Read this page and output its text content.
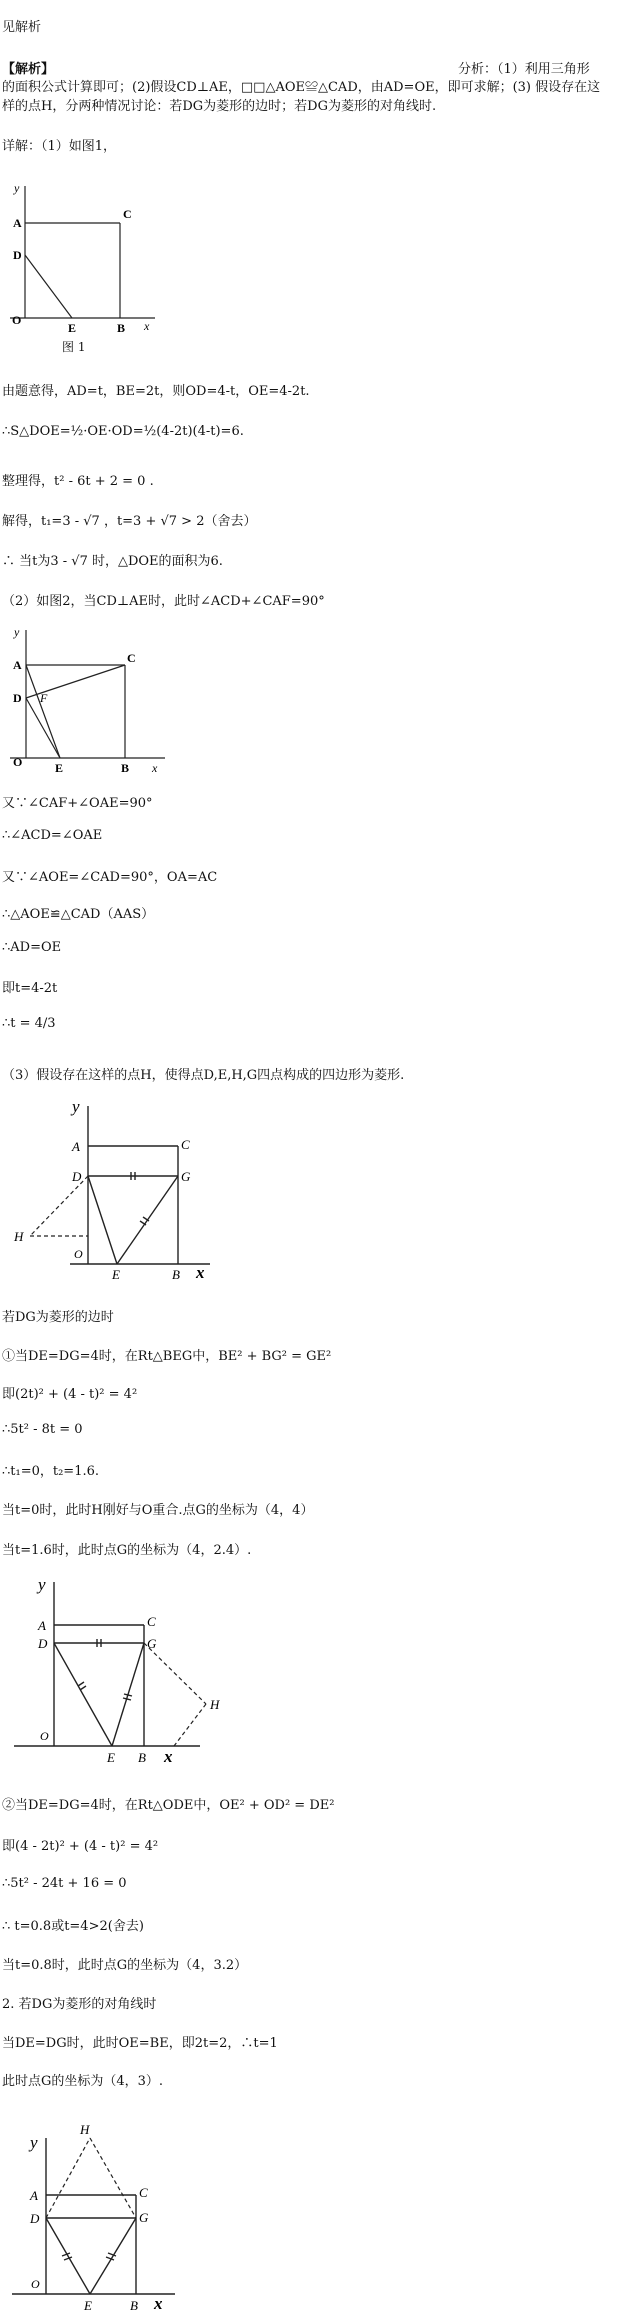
见解析
【解析】	分析：（1）利用三角形
的面积公式计算即可；(2)假设CD⊥AE，□□△AOE≌△CAD，由AD=OE，即可求解；(3) 假设存在这
样的点H，分两种情况讨论：若DG为菱形的边时；若DG为菱形的对角线时.
详解：（1）如图1，
y
A
C
D
O
E	B x
图 1
由题意得，AD=t，BE=2t，则OD=4-t，OE=4-2t.
∴S△DOE=½·OE·OD=½(4-2t)(4-t)=6.
整理得，t² - 6t + 2 = 0 .
解得，t₁=3 - √7 ，t=3 + √7 > 2（舍去）
∴ 当t为3 - √7 时，△DOE的面积为6.
（2）如图2，当CD⊥AE时，此时∠ACD+∠CAF=90°
y
A	C
D F
O	E	B x
又∵∠CAF+∠OAE=90°
∴∠ACD=∠OAE
又∵∠AOE=∠CAD=90°，OA=AC
∴△AOE≌△CAD（AAS）
∴AD=OE
即t=4-2t
∴t = 4/3
（3）假设存在这样的点H，使得点D,E,H,G四点构成的四边形为菱形.
y
A	C
D	G
H
O
E	B x
若DG为菱形的边时
①当DE=DG=4时，在Rt△BEG中，BE² + BG² = GE²
即(2t)² + (4 - t)² = 4²
∴5t² - 8t = 0
∴t₁=0，t₂=1.6.
当t=0时，此时H刚好与O重合.点G的坐标为（4，4）
当t=1.6时，此时点G的坐标为（4，2.4）.
y
A	C
D	G
H
O
E B x
②当DE=DG=4时，在Rt△ODE中，OE² + OD² = DE²
即(4 - 2t)² + (4 - t)² = 4²
∴5t² - 24t + 16 = 0
∴ t=0.8或t=4>2(舍去)
当t=0.8时，此时点G的坐标为（4，3.2）
2. 若DG为菱形的对角线时
当DE=DG时，此时OE=BE，即2t=2，∴t=1
此时点G的坐标为（4，3）.
y
H
A	C
D	G
O
E	B x
